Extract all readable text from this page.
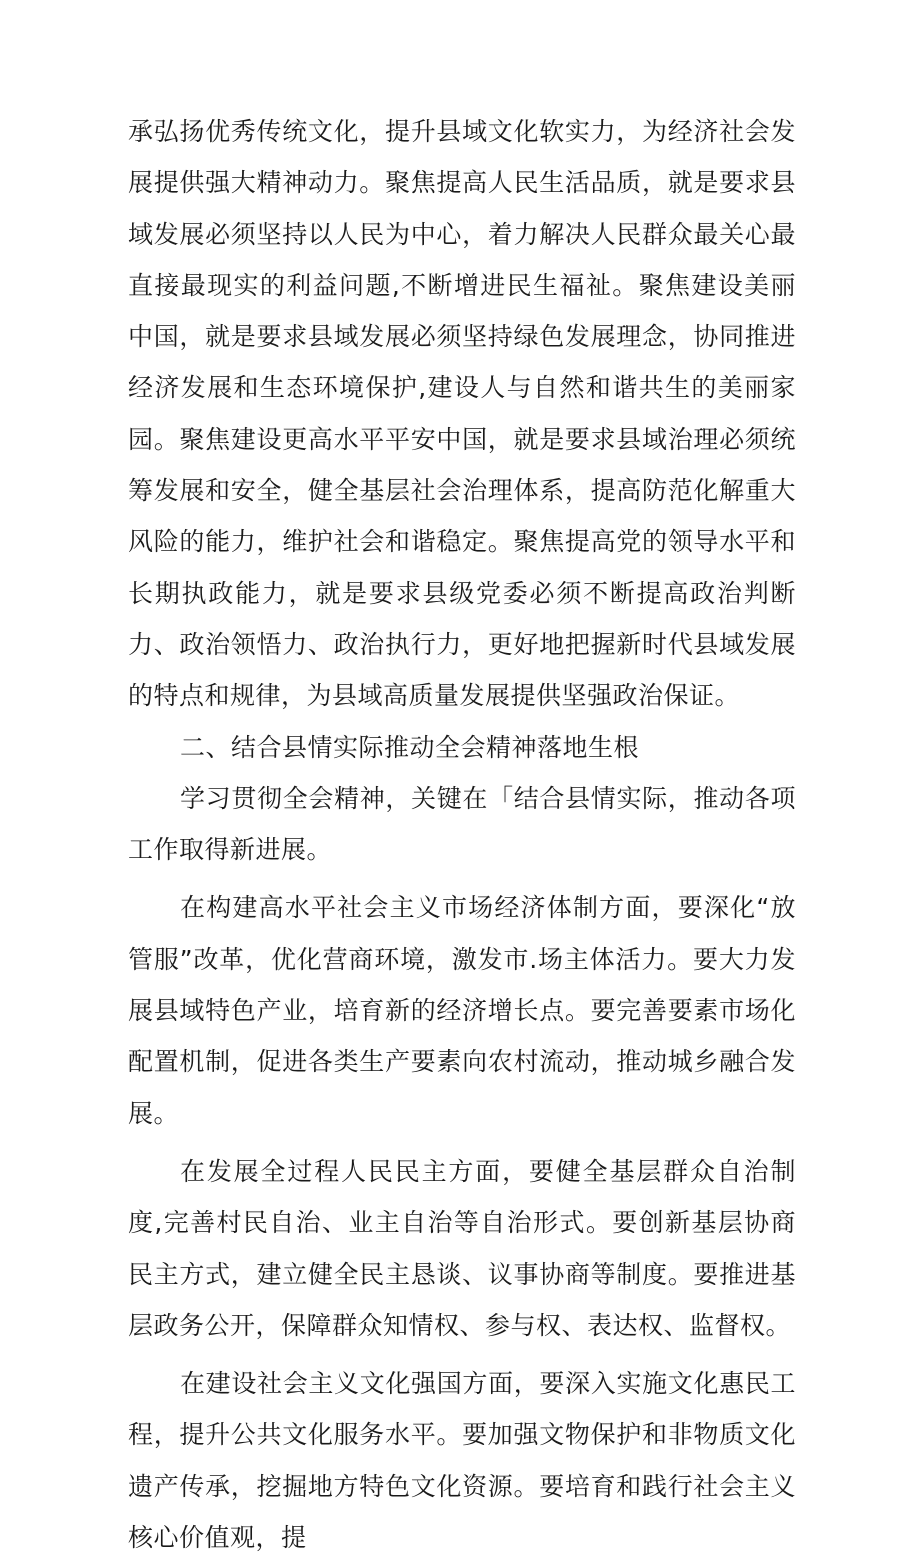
承弘扬优秀传统文化，提升县域文化软实力，为经济社会发展提供强大精神动力。聚焦提高人民生活品质，就是要求县域发展必须坚持以人民为中心，着力解决人民群众最关心最直接最现实的利益问题,不断增进民生福祉。聚焦建设美丽中国，就是要求县域发展必须坚持绿色发展理念，协同推进经济发展和生态环境保护,建设人与自然和谐共生的美丽家园。聚焦建设更高水平平安中国，就是要求县域治理必须统筹发展和安全，健全基层社会治理体系，提高防范化解重大风险的能力，维护社会和谐稳定。聚焦提高党的领导水平和长期执政能力，就是要求县级党委必须不断提高政治判断力、政治领悟力、政治执行力，更好地把握新时代县域发展的特点和规律，为县域高质量发展提供坚强政治保证。

二、结合县情实际推动全会精神落地生根

学习贯彻全会精神，关键在「结合县情实际，推动各项工作取得新进展。

在构建高水平社会主义市场经济体制方面，要深化“放管服”改革，优化营商环境，激发市.场主体活力。要大力发展县域特色产业，培育新的经济增长点。要完善要素市场化配置机制，促进各类生产要素向农村流动，推动城乡融合发展。

在发展全过程人民民主方面，要健全基层群众自治制度,完善村民自治、业主自治等自治形式。要创新基层协商民主方式，建立健全民主恳谈、议事协商等制度。要推进基层政务公开，保障群众知情权、参与权、表达权、监督权。

在建设社会主义文化强国方面，要深入实施文化惠民工程，提升公共文化服务水平。要加强文物保护和非物质文化遗产传承，挖掘地方特色文化资源。要培育和践行社会主义核心价值观，提
